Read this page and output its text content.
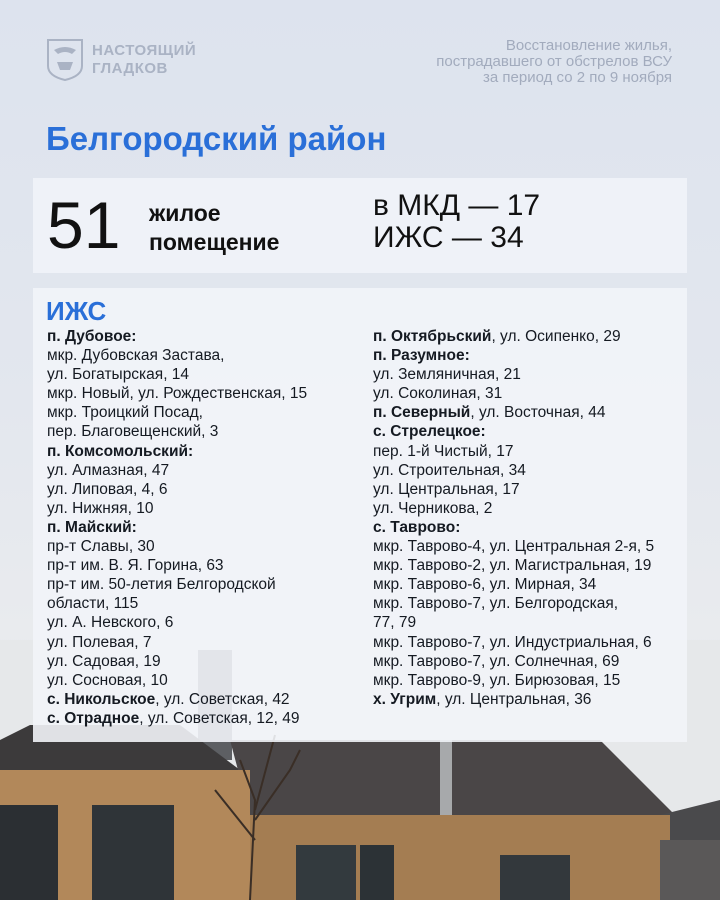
НАСТОЯЩИЙ
ГЛАДКОВ
Восстановление жилья,
пострадавшего от обстрелов ВСУ
за период со 2 по 9 ноября
Белгородский район
51 жилое
помещение
в МКД — 17
ИЖС — 34
ИЖС
п. Дубовое:
мкр. Дубовская Застава,
ул. Богатырская, 14
мкр. Новый, ул. Рождественская, 15
мкр. Троицкий Посад,
пер. Благовещенский, 3
п. Комсомольский:
ул. Алмазная, 47
ул. Липовая, 4, 6
ул. Нижняя, 10
п. Майский:
пр-т Славы, 30
пр-т им. В. Я. Горина, 63
пр-т им. 50-летия Белгородской
области, 115
ул. А. Невского, 6
ул. Полевая, 7
ул. Садовая, 19
ул. Сосновая, 10
с. Никольское, ул. Советская, 42
с. Отрадное, ул. Советская, 12, 49
п. Октябрьский, ул. Осипенко, 29
п. Разумное:
ул. Земляничная, 21
ул. Соколиная, 31
п. Северный, ул. Восточная, 44
с. Стрелецкое:
пер. 1-й Чистый, 17
ул. Строительная, 34
ул. Центральная, 17
ул. Черникова, 2
с. Таврово:
мкр. Таврово-4, ул. Центральная 2-я, 5
мкр. Таврово-2, ул. Магистральная, 19
мкр. Таврово-6, ул. Мирная, 34
мкр. Таврово-7, ул. Белгородская,
77, 79
мкр. Таврово-7, ул. Индустриальная, 6
мкр. Таврово-7, ул. Солнечная, 69
мкр. Таврово-9, ул. Бирюзовая, 15
х. Угрим, ул. Центральная, 36
